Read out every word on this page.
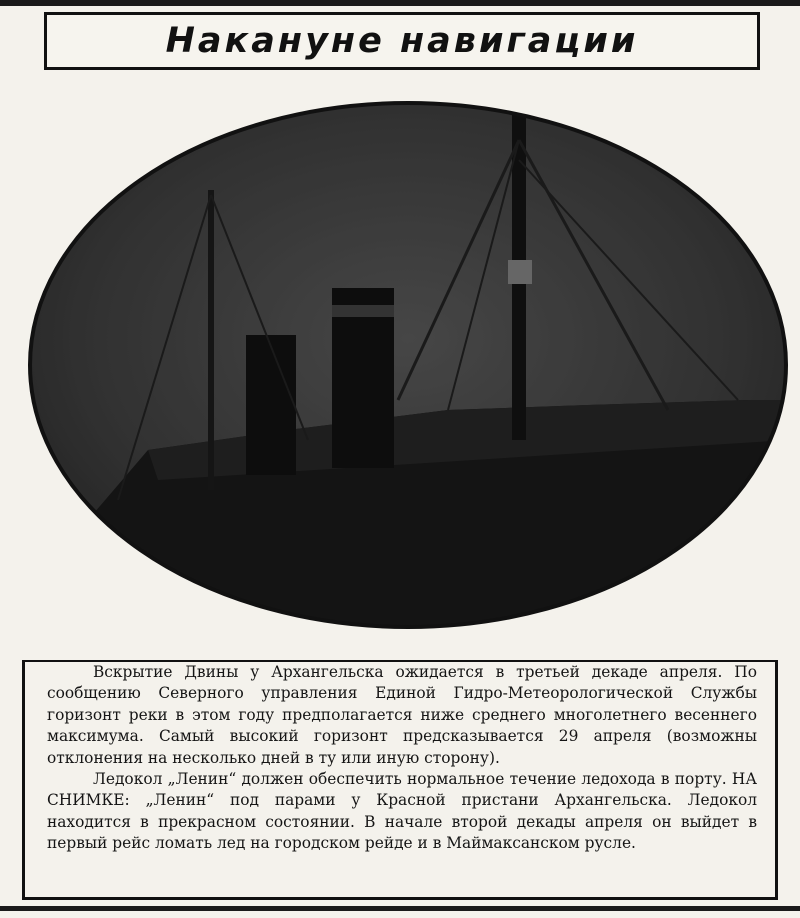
Накануне навигации

Вскрытие Двины у Архангельска ожидается в третьей декаде апреля. По сообщению Северного управления Единой Гидро-Метеорологической Службы горизонт реки в этом году предполагается ниже среднего многолетнего весеннего максимума. Самый высокий горизонт предсказывается 29 апреля (возможны отклонения на несколько дней в ту или иную сторону).

Ледокол „Ленин“ должен обеспечить нормальное течение ледохода в порту. НА СНИМКЕ: „Ленин“ под парами у Красной пристани Архангельска. Ледокол находится в прекрасном состоянии. В начале второй декады апреля он выйдет в первый рейс ломать лед на городском рейде и в Маймаксанском русле.
